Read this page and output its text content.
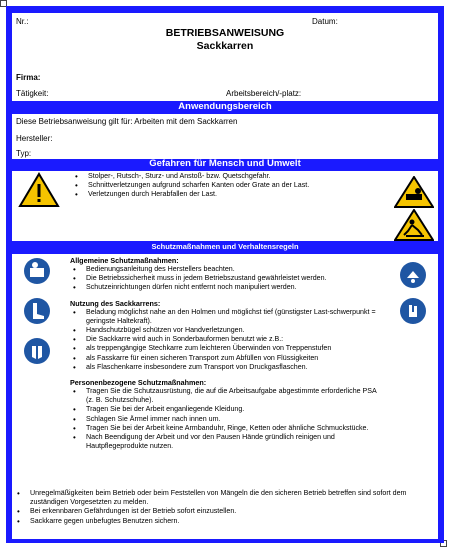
Nr.:	Datum:
BETRIEBSANWEISUNG
Sackkarren
Firma:
Tätigkeit:	Arbeitsbereich/-platz:
Anwendungsbereich
Diese Betriebsanweisung gilt für: Arbeiten mit dem Sackkarren
Hersteller:
Typ:
Gefahren für Mensch und Umwelt
• Stolper-, Rutsch-, Sturz- und Anstoß- bzw. Quetschgefahr.
• Schnittverletzungen aufgrund scharfen Kanten oder Grate an der Last.
• Verletzungen durch Herabfallen der Last.
Schutzmaßnahmen und Verhaltensregeln
Allgemeine Schutzmaßnahmen:
• Bedienungsanleitung des Herstellers beachten.
• Die Betriebssicherheit muss in jedem Betriebszustand gewährleistet werden.
• Schutzeinrichtungen dürfen nicht entfernt noch manipuliert werden.
Nutzung des Sackkarrens:
• Beladung möglichst nahe an den Holmen und möglichst tief (günstigster Last-schwerpunkt = geringste Haltekraft).
• Handschutzbügel schützen vor Handverletzungen.
• Die Sackkarre wird auch in Sonderbauformen benutzt wie z.B.:
• als treppengängige Stechkarre zum leichteren Überwinden von Treppenstufen
• als Fasskarre für einen sicheren Transport zum Abfüllen von Flüssigkeiten
• als Flaschenkarre insbesondere zum Transport von Druckgasflaschen.
Personenbezogene Schutzmaßnahmen:
• Tragen Sie die Schutzausrüstung, die auf die Arbeitsaufgabe abgestimmte erforderliche PSA (z. B. Schutzschuhe).
• Tragen Sie bei der Arbeit enganliegende Kleidung.
• Schlagen Sie Ärmel immer nach innen um.
• Tragen Sie bei der Arbeit keine Armbanduhr, Ringe, Ketten oder ähnliche Schmuckstücke.
• Nach Beendigung der Arbeit und vor den Pausen Hände gründlich reinigen und Hautpflegeprodukte nutzen.
Verhalten bei Störungen
• Unregelmäßigkeiten beim Betrieb oder beim Feststellen von Mängeln die den sicheren Betrieb betreffen sind sofort dem zuständigen Vorgesetzten zu melden.
• Bei erkennbaren Gefährdungen ist der Betrieb sofort einzustellen.
• Sackkarre gegen unbefugtes Benutzen sichern.
